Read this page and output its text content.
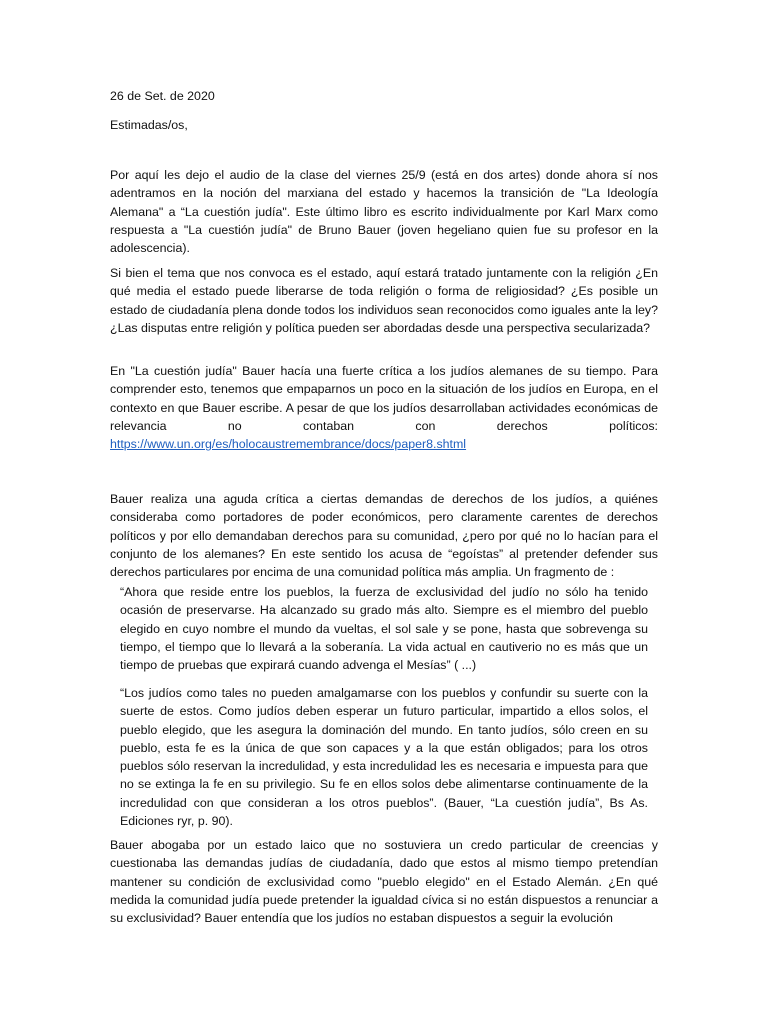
26 de Set. de 2020

Estimadas/os,

Por aquí les dejo el audio de la clase del viernes 25/9 (está en dos artes) donde ahora sí nos adentramos en la noción del marxiana del estado y hacemos la transición de "La Ideología Alemana" a “La cuestión judía". Este último libro es escrito individualmente por Karl Marx como respuesta a "La cuestión judía" de Bruno Bauer (joven hegeliano quien fue su profesor en la adolescencia).

Si bien el tema que nos convoca es el estado, aquí estará tratado juntamente con la religión ¿En qué media el estado puede liberarse de toda religión o forma de religiosidad? ¿Es posible un estado de ciudadanía plena donde todos los individuos sean reconocidos como iguales ante la ley? ¿Las disputas entre religión y política pueden ser abordadas desde una perspectiva secularizada?

En "La cuestión judía" Bauer hacía una fuerte crítica a los judíos alemanes de su tiempo. Para comprender esto, tenemos que empaparnos un poco en la situación de los judíos en Europa, en el contexto en que Bauer escribe. A pesar de que los judíos desarrollaban actividades económicas de relevancia no contaban con derechos políticos: https://www.un.org/es/holocaustremembrance/docs/paper8.shtml

Bauer realiza una aguda crítica a ciertas demandas de derechos de los judíos, a quiénes consideraba como portadores de poder económicos, pero claramente carentes de derechos políticos y por ello demandaban derechos para su comunidad, ¿pero por qué no lo hacían para el conjunto de los alemanes? En este sentido los acusa de “egoístas” al pretender defender sus derechos particulares por encima de una comunidad política más amplia. Un fragmento de :

“Ahora que reside entre los pueblos, la fuerza de exclusividad del judío no sólo ha tenido ocasión de preservarse. Ha alcanzado su grado más alto. Siempre es el miembro del pueblo elegido en cuyo nombre el mundo da vueltas, el sol sale y se pone, hasta que sobrevenga su tiempo, el tiempo que lo llevará a la soberanía. La vida actual en cautiverio no es más que un tiempo de pruebas que expirará cuando advenga el Mesías” ( ...)
“Los judíos como tales no pueden amalgamarse con los pueblos y confundir su suerte con la suerte de estos. Como judíos deben esperar un futuro particular, impartido a ellos solos, el pueblo elegido, que les asegura la dominación del mundo. En tanto judíos, sólo creen en su pueblo, esta fe es la única de que son capaces y a la que están obligados; para los otros pueblos sólo reservan la incredulidad, y esta incredulidad les es necesaria e impuesta para que no se extinga la fe en su privilegio. Su fe en ellos solos debe alimentarse continuamente de la incredulidad con que consideran a los otros pueblos”. (Bauer, “La cuestión judía”, Bs As. Ediciones ryr, p. 90).

Bauer abogaba por un estado laico que no sostuviera un credo particular de creencias y cuestionaba las demandas judías de ciudadanía, dado que estos al mismo tiempo pretendían mantener su condición de exclusividad como "pueblo elegido" en el Estado Alemán. ¿En qué medida la comunidad judía puede pretender la igualdad cívica si no están dispuestos a renunciar a su exclusividad? Bauer entendía que los judíos no estaban dispuestos a seguir la evolución
